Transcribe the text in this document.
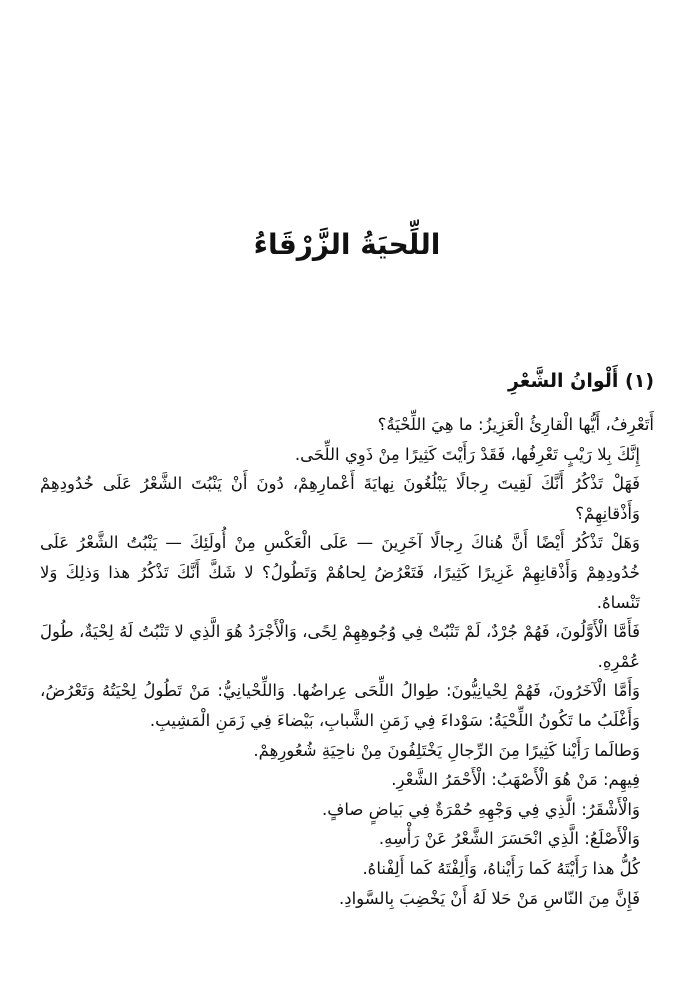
اللِّحيَةُ الزَّرْقَاءُ
(١) أَلْوانُ الشَّعْرِ

أَتَعْرِفُ، أَيُّها الْقارِئُ الْعَزِيزُ: ما هِيَ اللِّحْيَةُ؟

إِنَّكَ بِلا رَيْبٍ تَعْرِفُها، فَقَدْ رَأَيْتَ كَثِيرًا مِنْ ذَوِي اللِّحَى.

فَهَلْ تَذْكُرُ أَنَّكَ لَقِيتَ رِجالًا يَبْلُغُونَ نِهايَةَ أَعْمارِهِمْ، دُونَ أَنْ يَنْبُتَ الشَّعْرُ عَلَى خُدُودِهِمْ وَأَذْقانِهِمْ؟

وَهَلْ تَذْكُرُ أَيْضًا أَنَّ هُناكَ رِجالًا آخَرِينَ — عَلَى الْعَكْسِ مِنْ أُولَئِكَ — يَنْبُتُ الشَّعْرُ عَلَى خُدُودِهِمْ وَأَذْقانِهِمْ غَزِيرًا كَثِيرًا، فَتَعْرُضُ لِحاهُمْ وَتَطُولُ؟ لا شَكَّ أَنَّكَ تَذْكُرُ هذا وَذلِكَ وَلا تَنْساهُ.

فَأَمَّا الْأَوَّلُونَ، فَهُمْ جُرْدٌ، لَمْ تَنْبُتْ فِي وُجُوهِهِمْ لِحًى، وَالْأَجْرَدُ هُوَ الَّذِي لا تَنْبُتُ لَهُ لِحْيَةٌ، طُولَ عُمْرِهِ.

وَأَمَّا الْآخَرُونَ، فَهُمْ لِحْيانِيُّونَ: طِوالُ اللِّحَى عِراضُها. وَاللِّحْيانِيُّ: مَنْ تَطُولُ لِحْيَتُهُ وَتَعْرُضُ، وَأَغْلَبُ ما تَكُونُ اللِّحْيَةُ: سَوْداءَ فِي زَمَنِ الشَّبابِ، بَيْضاءَ فِي زَمَنِ الْمَشِيبِ.

وَطالَما رَأَيْنا كَثِيرًا مِنَ الرِّجالِ يَخْتَلِفُونَ مِنْ ناحِيَةِ شُعُورِهِمْ.

فِيهِم: مَنْ هُوَ الْأَصْهَبُ: الْأَحْمَرُ الشَّعْرِ.

وَالْأَشْقَرُ: الَّذِي فِي وَجْهِهِ حُمْرَةٌ فِي بَياضٍ صافٍ.

وَالْأَصْلَعُ: الَّذِي انْحَسَرَ الشَّعْرُ عَنْ رَأْسِهِ.

كُلُّ هذا رَأَيْتَهُ كَما رَأَيْناهُ، وَأَلِفْتَهُ كَما أَلِفْناهُ.

فَإِنَّ مِنَ النّاسِ مَنْ حَلا لَهُ أَنْ يَخْضِبَ بِالسَّوادِ.
